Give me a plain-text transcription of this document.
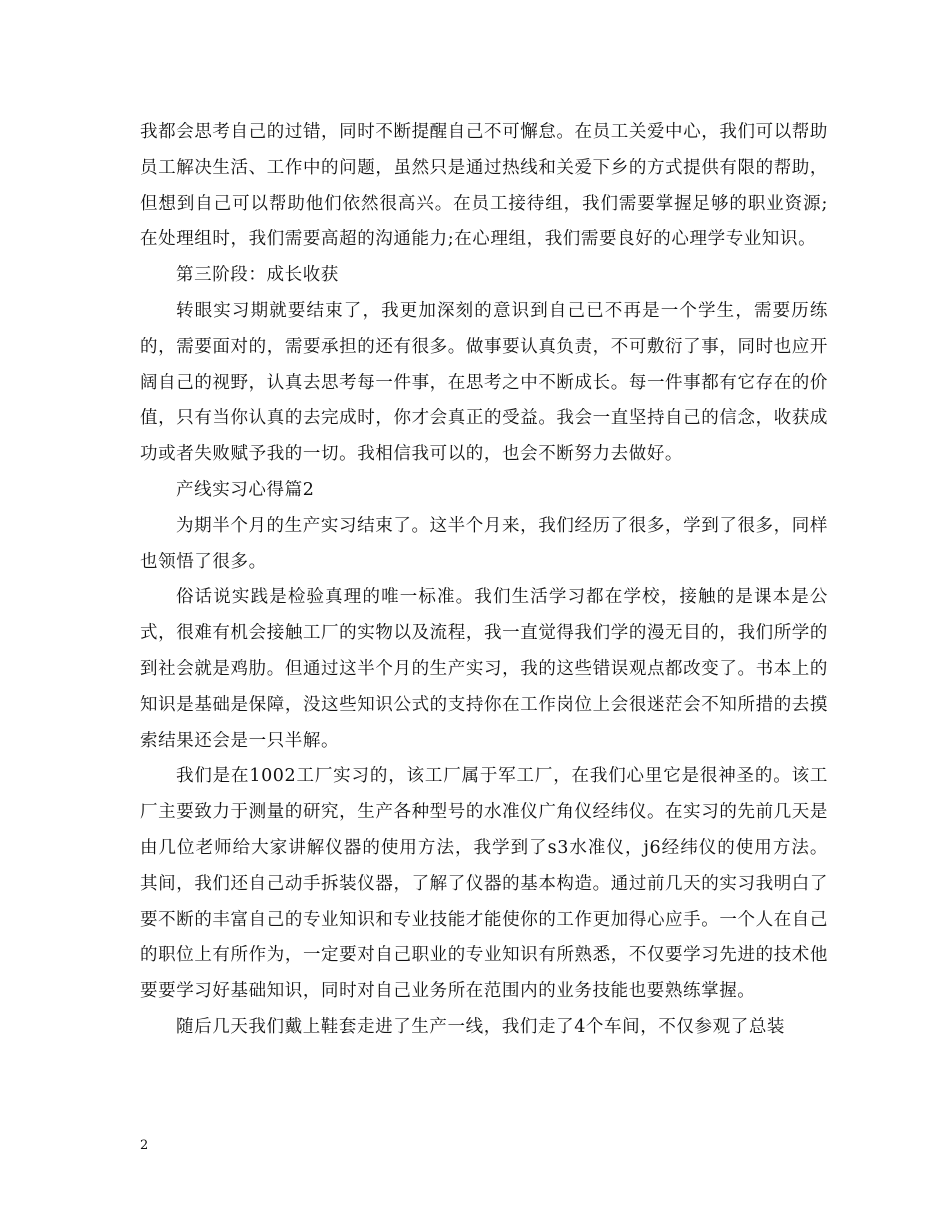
我都会思考自己的过错，同时不断提醒自己不可懈怠。在员工关爱中心，我们可以帮助员工解决生活、工作中的问题，虽然只是通过热线和关爱下乡的方式提供有限的帮助，但想到自己可以帮助他们依然很高兴。在员工接待组，我们需要掌握足够的职业资源;在处理组时，我们需要高超的沟通能力;在心理组，我们需要良好的心理学专业知识。

第三阶段：成长收获

转眼实习期就要结束了，我更加深刻的意识到自己已不再是一个学生，需要历练的，需要面对的，需要承担的还有很多。做事要认真负责，不可敷衍了事，同时也应开阔自己的视野，认真去思考每一件事，在思考之中不断成长。每一件事都有它存在的价值，只有当你认真的去完成时，你才会真正的受益。我会一直坚持自己的信念，收获成功或者失败赋予我的一切。我相信我可以的，也会不断努力去做好。

产线实习心得篇2

为期半个月的生产实习结束了。这半个月来，我们经历了很多，学到了很多，同样也领悟了很多。

俗话说实践是检验真理的唯一标准。我们生活学习都在学校，接触的是课本是公式，很难有机会接触工厂的实物以及流程，我一直觉得我们学的漫无目的，我们所学的到社会就是鸡肋。但通过这半个月的生产实习，我的这些错误观点都改变了。书本上的知识是基础是保障，没这些知识公式的支持你在工作岗位上会很迷茫会不知所措的去摸索结果还会是一只半解。

我们是在1002工厂实习的，该工厂属于军工厂，在我们心里它是很神圣的。该工厂主要致力于测量的研究，生产各种型号的水准仪广角仪经纬仪。在实习的先前几天是由几位老师给大家讲解仪器的使用方法，我学到了s3水准仪，j6经纬仪的使用方法。其间，我们还自己动手拆装仪器，了解了仪器的基本构造。通过前几天的实习我明白了要不断的丰富自己的专业知识和专业技能才能使你的工作更加得心应手。一个人在自己的职位上有所作为，一定要对自己职业的专业知识有所熟悉，不仅要学习先进的技术他要要学习好基础知识，同时对自己业务所在范围内的业务技能也要熟练掌握。

随后几天我们戴上鞋套走进了生产一线，我们走了4个车间，不仅参观了总装

2
